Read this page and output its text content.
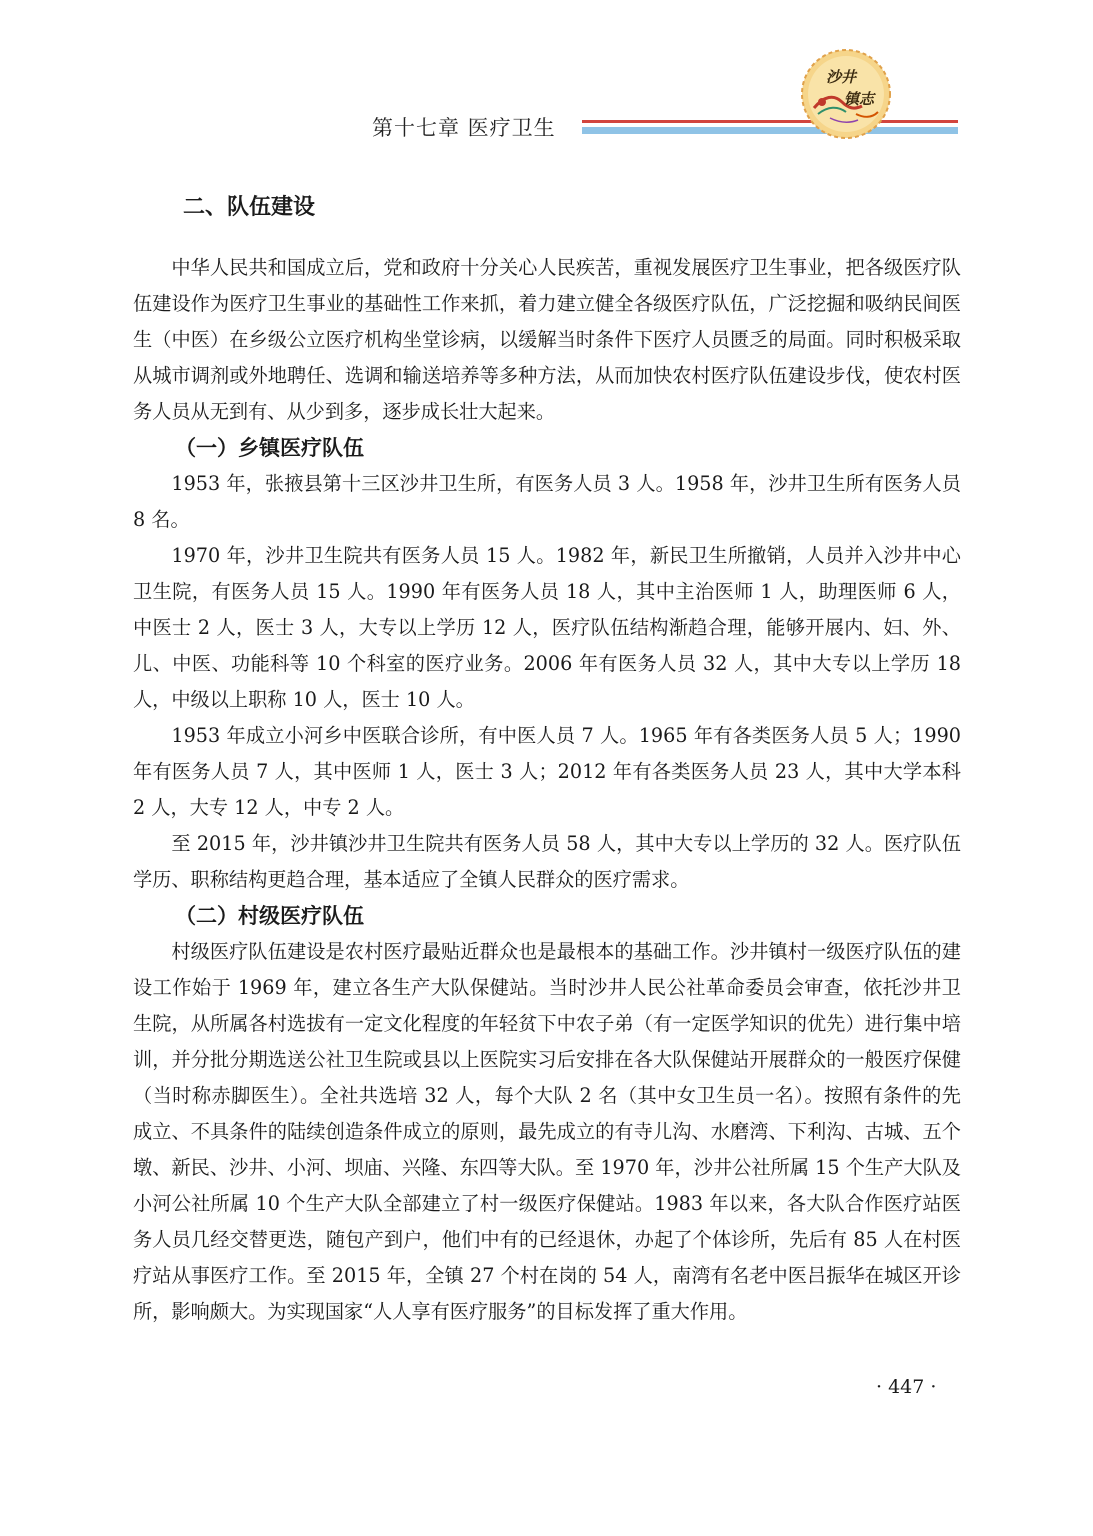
第十七章 医疗卫生
沙井
镇志
二、队伍建设

中华人民共和国成立后，党和政府十分关心人民疾苦，重视发展医疗卫生事业，把各级医疗队伍建设作为医疗卫生事业的基础性工作来抓，着力建立健全各级医疗队伍，广泛挖掘和吸纳民间医生（中医）在乡级公立医疗机构坐堂诊病，以缓解当时条件下医疗人员匮乏的局面。同时积极采取从城市调剂或外地聘任、选调和输送培养等多种方法，从而加快农村医疗队伍建设步伐，使农村医务人员从无到有、从少到多，逐步成长壮大起来。

（一）乡镇医疗队伍

1953 年，张掖县第十三区沙井卫生所，有医务人员 3 人。1958 年，沙井卫生所有医务人员 8 名。

1970 年，沙井卫生院共有医务人员 15 人。1982 年，新民卫生所撤销，人员并入沙井中心卫生院，有医务人员 15 人。1990 年有医务人员 18 人，其中主治医师 1 人，助理医师 6 人，中医士 2 人，医士 3 人，大专以上学历 12 人，医疗队伍结构渐趋合理，能够开展内、妇、外、儿、中医、功能科等 10 个科室的医疗业务。2006 年有医务人员 32 人，其中大专以上学历 18 人，中级以上职称 10 人，医士 10 人。

1953 年成立小河乡中医联合诊所，有中医人员 7 人。1965 年有各类医务人员 5 人；1990 年有医务人员 7 人，其中医师 1 人，医士 3 人；2012 年有各类医务人员 23 人，其中大学本科 2 人，大专 12 人，中专 2 人。

至 2015 年，沙井镇沙井卫生院共有医务人员 58 人，其中大专以上学历的 32 人。医疗队伍学历、职称结构更趋合理，基本适应了全镇人民群众的医疗需求。

（二）村级医疗队伍

村级医疗队伍建设是农村医疗最贴近群众也是最根本的基础工作。沙井镇村一级医疗队伍的建设工作始于 1969 年，建立各生产大队保健站。当时沙井人民公社革命委员会审查，依托沙井卫生院，从所属各村选拔有一定文化程度的年轻贫下中农子弟（有一定医学知识的优先）进行集中培训，并分批分期选送公社卫生院或县以上医院实习后安排在各大队保健站开展群众的一般医疗保健（当时称赤脚医生）。全社共选培 32 人，每个大队 2 名（其中女卫生员一名）。按照有条件的先成立、不具条件的陆续创造条件成立的原则，最先成立的有寺儿沟、水磨湾、下利沟、古城、五个墩、新民、沙井、小河、坝庙、兴隆、东四等大队。至 1970 年，沙井公社所属 15 个生产大队及小河公社所属 10 个生产大队全部建立了村一级医疗保健站。1983 年以来，各大队合作医疗站医务人员几经交替更迭，随包产到户，他们中有的已经退休，办起了个体诊所，先后有 85 人在村医疗站从事医疗工作。至 2015 年，全镇 27 个村在岗的 54 人，南湾有名老中医吕振华在城区开诊所，影响颇大。为实现国家“人人享有医疗服务”的目标发挥了重大作用。

· 447 ·
